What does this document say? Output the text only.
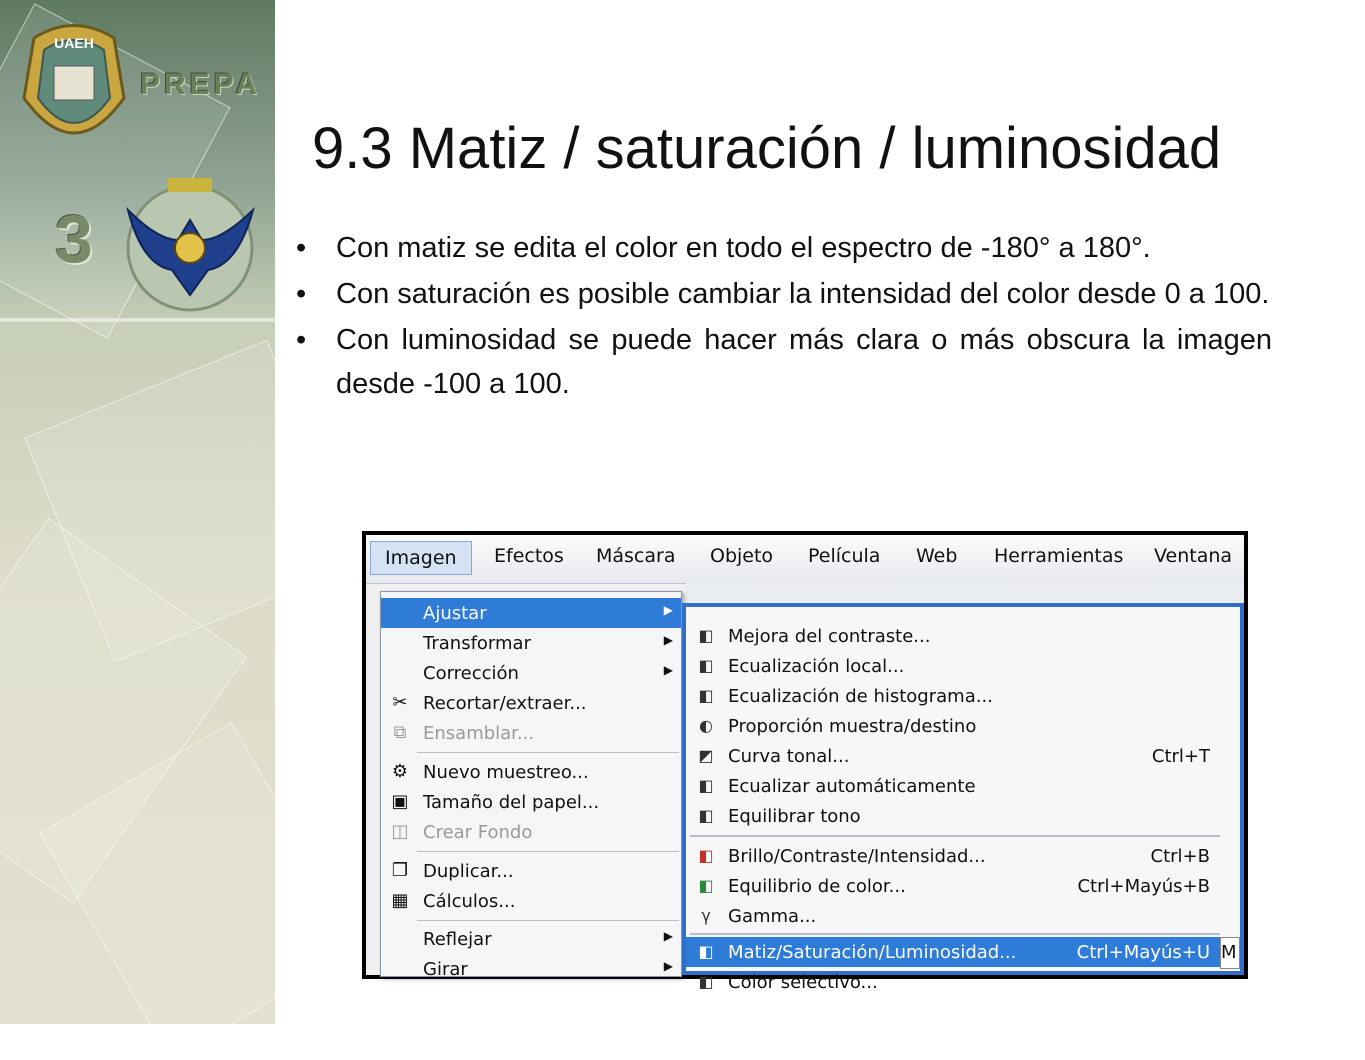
UAEH
PREPA
3
9.3 Matiz / saturación / luminosidad
• Con matiz se edita el color en todo el espectro de -180° a 180°.
• Con saturación es posible cambiar la intensidad del color desde 0 a 100.
• Con luminosidad se puede hacer más clara o más obscura la imagen desde -100 a 100.
Imagen	Efectos Máscara Objeto Película Web Herramientas Ventana
Ajustar	▶
Transformar	▶
Corrección	▶
✂ Recortar/extraer...
⧉ Ensamblar...
⚙ Nuevo muestreo...
▣ Tamaño del papel...
◫ Crear Fondo
❐ Duplicar...
▦ Cálculos...
Reflejar	▶
Girar	▶
◧ Mejora del contraste...
◧ Ecualización local...
◧ Ecualización de histograma...
◐ Proporción muestra/destino
◩ Curva tonal...	Ctrl+T
◧ Ecualizar automáticamente
◧ Equilibrar tono
◧ Brillo/Contraste/Intensidad...	Ctrl+B
◧ Equilibrio de color...	Ctrl+Mayús+B
γ Gamma...
◧ Matiz/Saturación/Luminosidad...	Ctrl+Mayús+U
◧ Color selectivo...
M
